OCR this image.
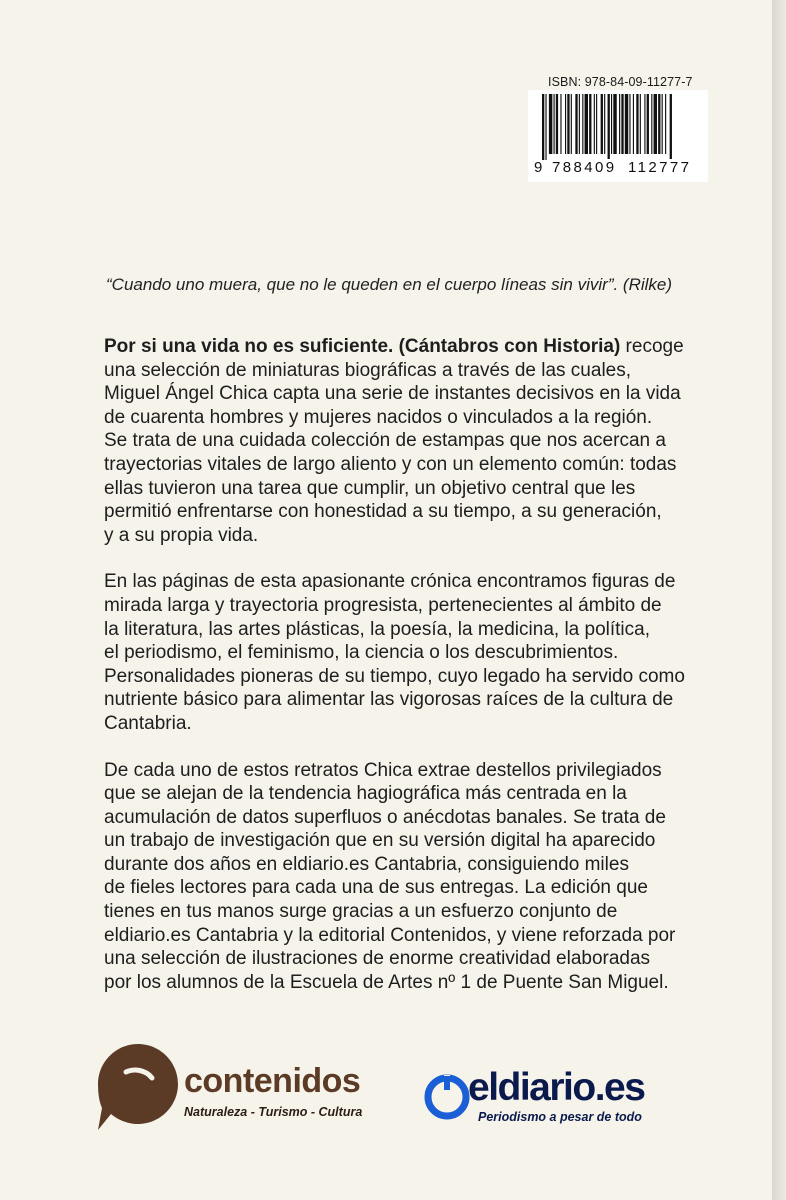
ISBN: 978-84-09-11277-7
9 788409 112777
“Cuando uno muera, que no le queden en el cuerpo líneas sin vivir”. (Rilke)

Por si una vida no es suficiente. (Cántabros con Historia) recoge
una selección de miniaturas biográficas a través de las cuales,
Miguel Ángel Chica capta una serie de instantes decisivos en la vida
de cuarenta hombres y mujeres nacidos o vinculados a la región.
Se trata de una cuidada colección de estampas que nos acercan a
trayectorias vitales de largo aliento y con un elemento común: todas
ellas tuvieron una tarea que cumplir, un objetivo central que les
permitió enfrentarse con honestidad a su tiempo, a su generación,
y a su propia vida.

En las páginas de esta apasionante crónica encontramos figuras de
mirada larga y trayectoria progresista, pertenecientes al ámbito de
la literatura, las artes plásticas, la poesía, la medicina, la política,
el periodismo, el feminismo, la ciencia o los descubrimientos.
Personalidades pioneras de su tiempo, cuyo legado ha servido como
nutriente básico para alimentar las vigorosas raíces de la cultura de
Cantabria.

De cada uno de estos retratos Chica extrae destellos privilegiados
que se alejan de la tendencia hagiográfica más centrada en la
acumulación de datos superfluos o anécdotas banales. Se trata de
un trabajo de investigación que en su versión digital ha aparecido
durante dos años en eldiario.es Cantabria, consiguiendo miles
de fieles lectores para cada una de sus entregas. La edición que
tienes en tus manos surge gracias a un esfuerzo conjunto de
eldiario.es Cantabria y la editorial Contenidos, y viene reforzada por
una selección de ilustraciones de enorme creatividad elaboradas
por los alumnos de la Escuela de Artes nº 1 de Puente San Miguel.

contenidos
Naturaleza - Turismo - Cultura
eldiario.es
Periodismo a pesar de todo
